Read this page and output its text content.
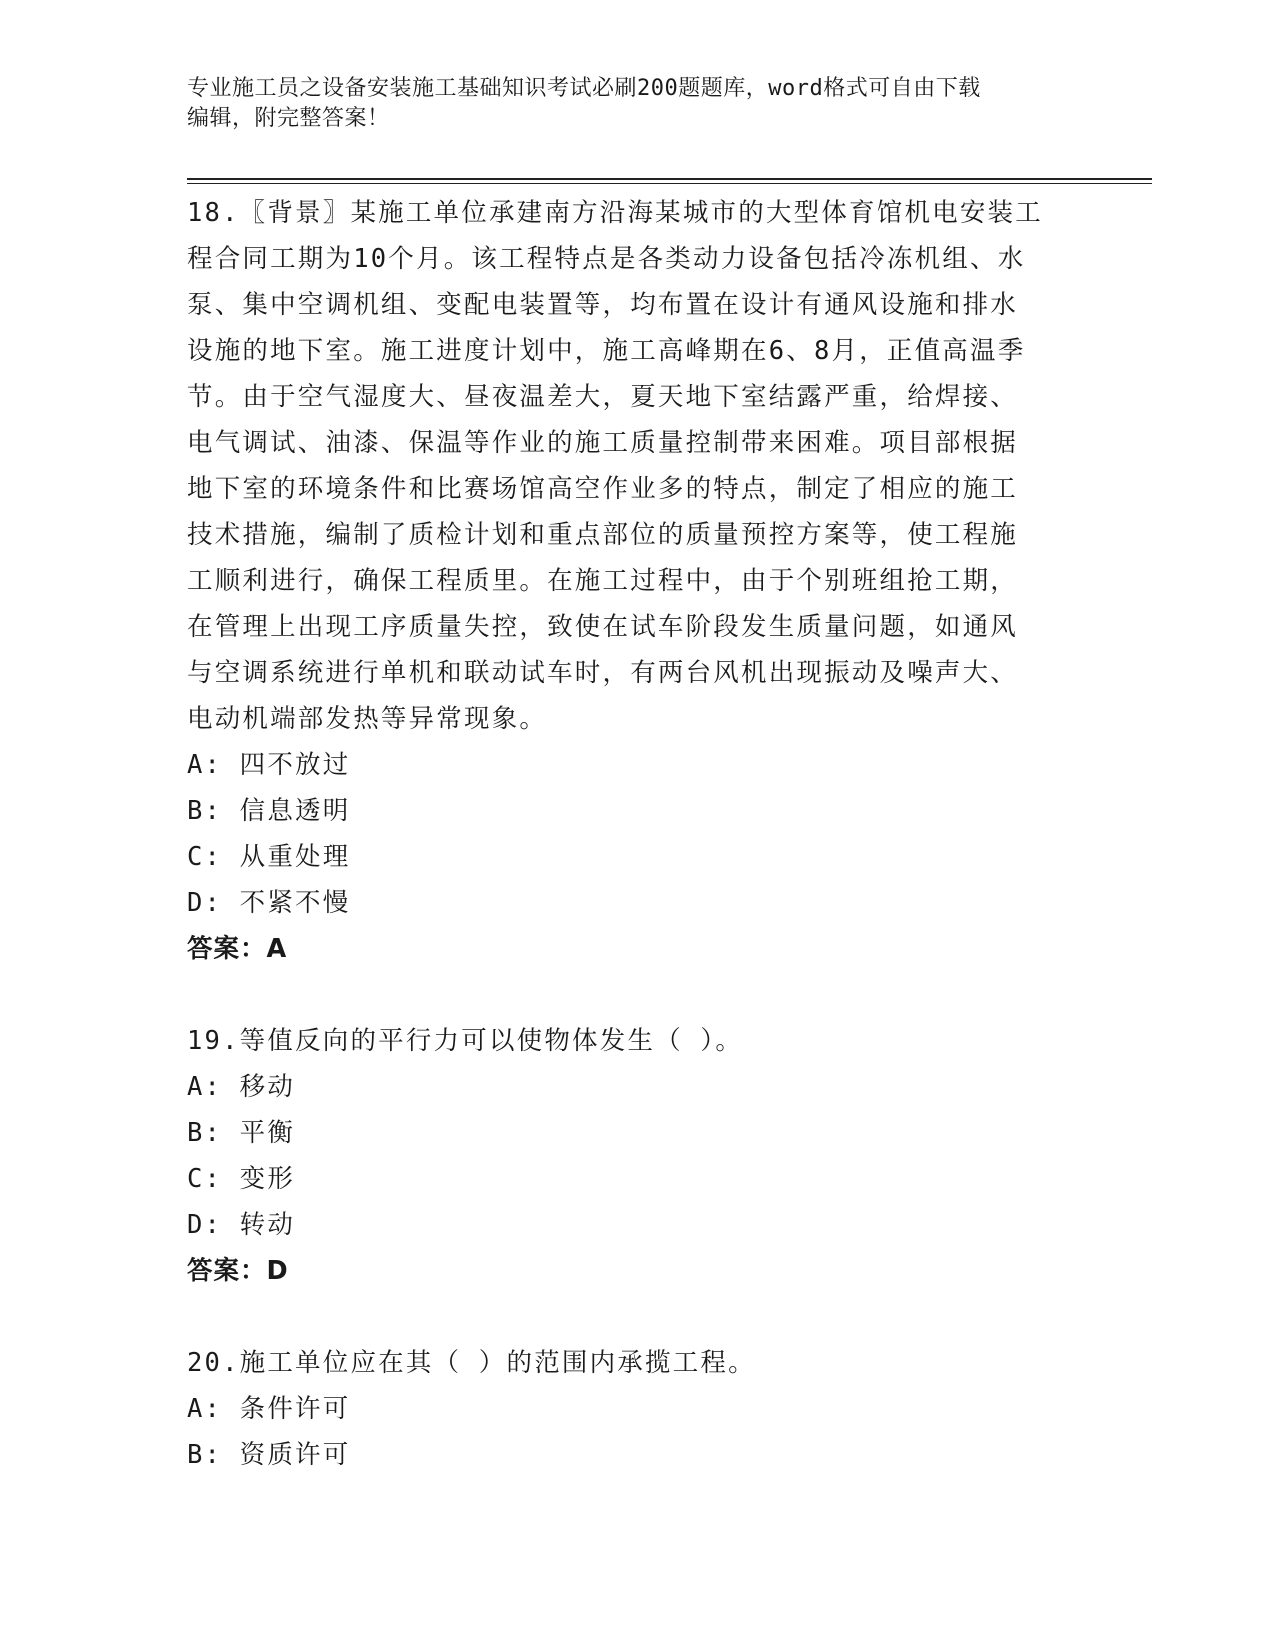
专业施工员之设备安装施工基础知识考试必刷200题题库，word格式可自由下载
编辑，附完整答案！
18.〖背景〗某施工单位承建南方沿海某城市的大型体育馆机电安装工
程合同工期为10个月。该工程特点是各类动力设备包括冷冻机组、水
泵、集中空调机组、变配电装置等，均布置在设计有通风设施和排水
设施的地下室。施工进度计划中，施工高峰期在6、8月，正值高温季
节。由于空气湿度大、昼夜温差大，夏天地下室结露严重，给焊接、
电气调试、油漆、保温等作业的施工质量控制带来困难。项目部根据
地下室的环境条件和比赛场馆高空作业多的特点，制定了相应的施工
技术措施，编制了质检计划和重点部位的质量预控方案等，使工程施
工顺利进行，确保工程质里。在施工过程中，由于个别班组抢工期，
在管理上出现工序质量失控，致使在试车阶段发生质量问题，如通风
与空调系统进行单机和联动试车时，有两台风机出现振动及噪声大、
电动机端部发热等异常现象。
A: 四不放过
B: 信息透明
C: 从重处理
D: 不紧不慢
答案：A
19.等值反向的平行力可以使物体发生（ ）。
A: 移动
B: 平衡
C: 变形
D: 转动
答案：D
20.施工单位应在其（ ）的范围内承揽工程。
A: 条件许可
B: 资质许可
